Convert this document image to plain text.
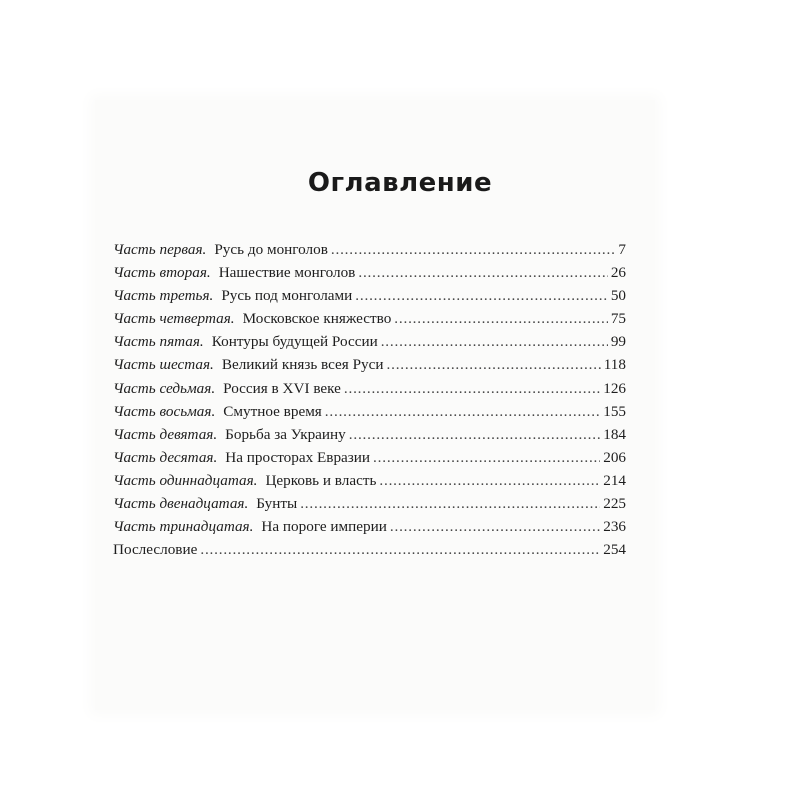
Оглавление
Часть первая. Русь до монголов . . .	7
Часть вторая. Нашествие монголов . . .	26
Часть третья. Русь под монголами . . .	50
Часть четвертая. Московское княжество . . .	75
Часть пятая. Контуры будущей России . . .	99
Часть шестая. Великий князь всея Руси . . .	118
Часть седьмая. Россия в XVI веке . . .	126
Часть восьмая. Смутное время . . .	155
Часть девятая. Борьба за Украину . . .	184
Часть десятая. На просторах Евразии . . .	206
Часть одиннадцатая. Церковь и власть . . .	214
Часть двенадцатая. Бунты . . .	225
Часть тринадцатая. На пороге империи . . .	236
Послесловие . . .	254
